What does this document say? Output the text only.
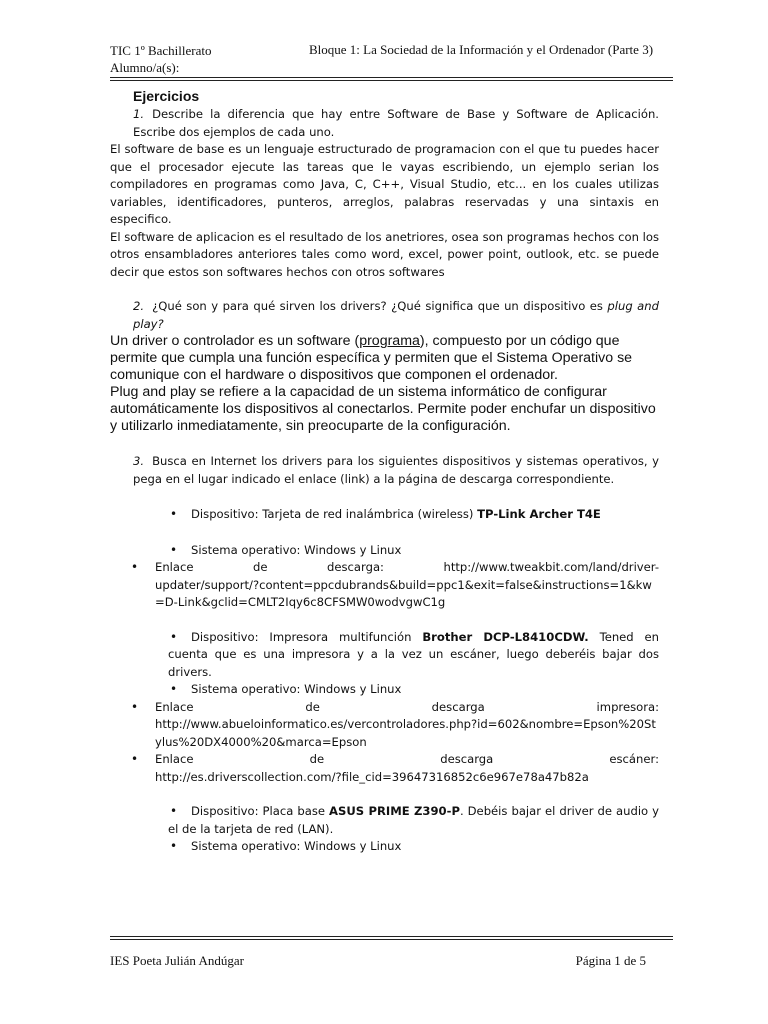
TIC 1º Bachillerato
Alumno/a(s):
Bloque 1: La Sociedad de la Información y el Ordenador (Parte 3)
Ejercicios
1. Describe la diferencia que hay entre Software de Base y Software de Aplicación. Escribe dos ejemplos de cada uno.
El software de base es un lenguaje estructurado de programacion con el que tu puedes hacer que el procesador ejecute las tareas que le vayas escribiendo, un ejemplo serian los compiladores en programas como Java, C, C++, Visual Studio, etc... en los cuales utilizas variables, identificadores, punteros, arreglos, palabras reservadas y una sintaxis en especifico.
El software de aplicacion es el resultado de los anetriores, osea son programas hechos con los otros ensambladores anteriores tales como word, excel, power point, outlook, etc. se puede decir que estos son softwares hechos con otros softwares
2. ¿Qué son y para qué sirven los drivers? ¿Qué significa que un dispositivo es plug and play?
Un driver o controlador es un software (programa), compuesto por un código que permite que cumpla una función específica y permiten que el Sistema Operativo se comunique con el hardware o dispositivos que componen el ordenador.
Plug and play se refiere a la capacidad de un sistema informático de configurar automáticamente los dispositivos al conectarlos. Permite poder enchufar un dispositivo y utilizarlo inmediatamente, sin preocuparte de la configuración.
3. Busca en Internet los drivers para los siguientes dispositivos y sistemas operativos, y pega en el lugar indicado el enlace (link) a la página de descarga correspondiente.
• Dispositivo: Tarjeta de red inalámbrica (wireless) TP-Link Archer T4E
• Sistema operativo: Windows y Linux
• Enlace de descarga: http://www.tweakbit.com/land/driver-
updater/support/?content=ppcdubrands&build=ppc1&exit=false&instructions=1&kw=D-Link&gclid=CMLT2Iqy6c8CFSMW0wodvgwC1g
• Dispositivo: Impresora multifunción Brother DCP-L8410CDW. Tened en cuenta que es una impresora y a la vez un escáner, luego deberéis bajar dos drivers.
• Sistema operativo: Windows y Linux
• Enlace de descarga impresora:
http://www.abueloinformatico.es/vercontroladores.php?id=602&nombre=Epson%20Stylus%20DX4000%20&marca=Epson
• Enlace de descarga escáner:
http://es.driverscollection.com/?file_cid=39647316852c6e967e78a47b82a
• Dispositivo: Placa base ASUS PRIME Z390-P. Debéis bajar el driver de audio y el de la tarjeta de red (LAN).
• Sistema operativo: Windows y Linux
IES Poeta Julián Andúgar	Página 1 de 5
